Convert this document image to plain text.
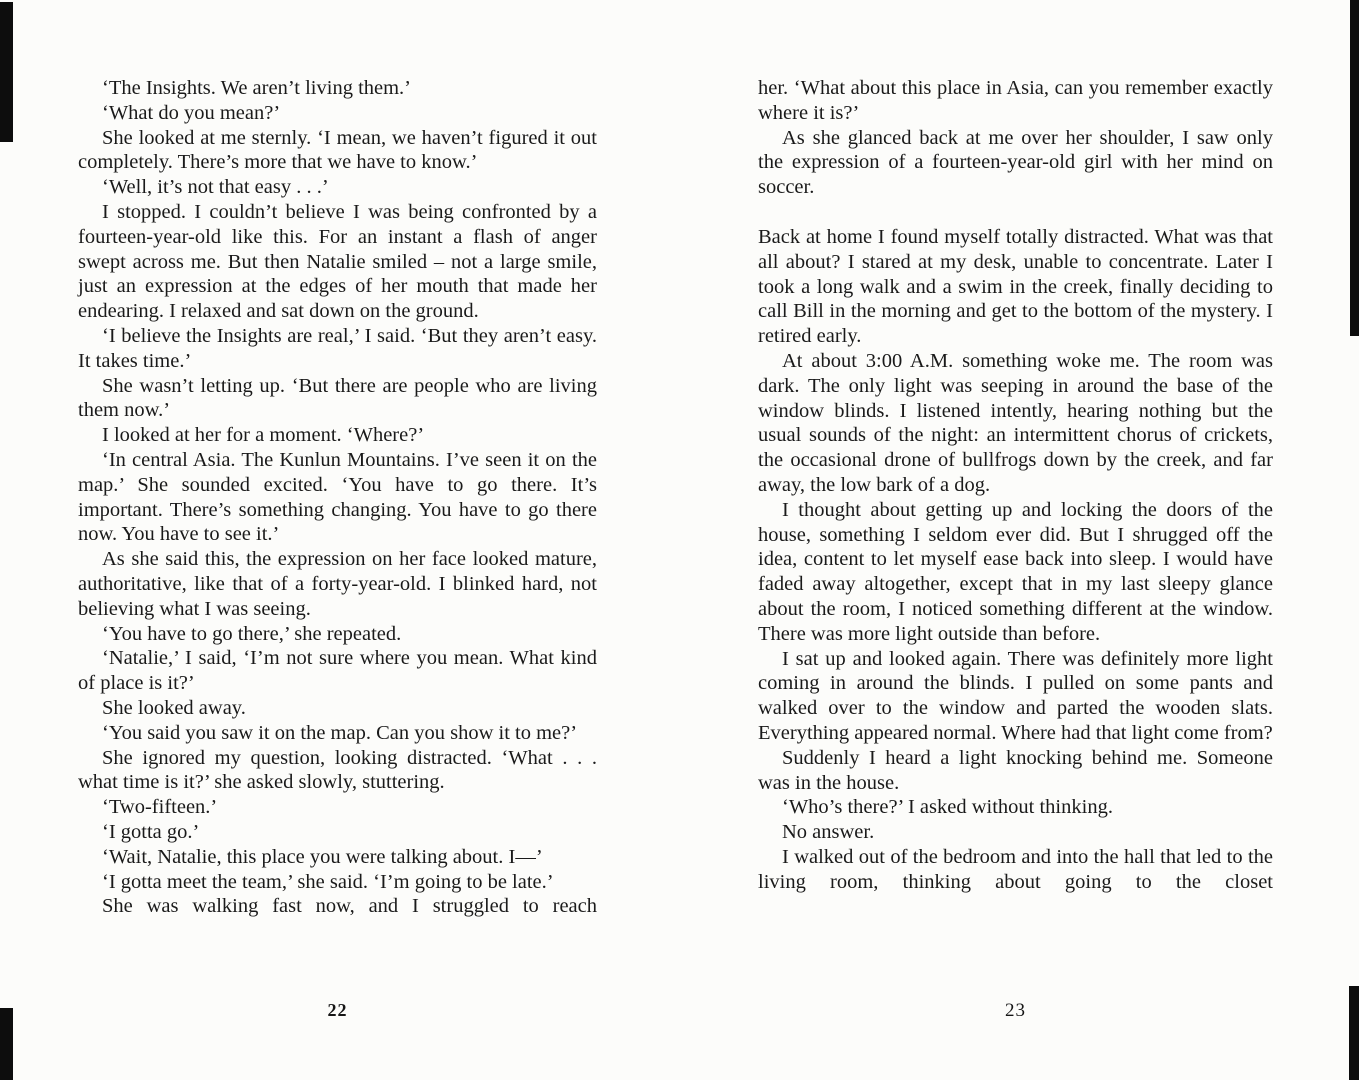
‘The Insights. We aren’t living them.’

‘What do you mean?’

She looked at me sternly. ‘I mean, we haven’t figured it out completely. There’s more that we have to know.’

‘Well, it’s not that easy . . .’

I stopped. I couldn’t believe I was being confronted by a fourteen-year-old like this. For an instant a flash of anger swept across me. But then Natalie smiled – not a large smile, just an expression at the edges of her mouth that made her endearing. I relaxed and sat down on the ground.

‘I believe the Insights are real,’ I said. ‘But they aren’t easy. It takes time.’

She wasn’t letting up. ‘But there are people who are living them now.’

I looked at her for a moment. ‘Where?’

‘In central Asia. The Kunlun Mountains. I’ve seen it on the map.’ She sounded excited. ‘You have to go there. It’s important. There’s something changing. You have to go there now. You have to see it.’

As she said this, the expression on her face looked mature, authoritative, like that of a forty-year-old. I blinked hard, not believing what I was seeing.

‘You have to go there,’ she repeated.

‘Natalie,’ I said, ‘I’m not sure where you mean. What kind of place is it?’

She looked away.

‘You said you saw it on the map. Can you show it to me?’

She ignored my question, looking distracted. ‘What . . . what time is it?’ she asked slowly, stuttering.

‘Two-fifteen.’

‘I gotta go.’

‘Wait, Natalie, this place you were talking about. I—’

‘I gotta meet the team,’ she said. ‘I’m going to be late.’

She was walking fast now, and I struggled to reach

her. ‘What about this place in Asia, can you remember exactly where it is?’

As she glanced back at me over her shoulder, I saw only the expression of a fourteen-year-old girl with her mind on soccer.

Back at home I found myself totally distracted. What was that all about? I stared at my desk, unable to concentrate. Later I took a long walk and a swim in the creek, finally deciding to call Bill in the morning and get to the bottom of the mystery. I retired early.

At about 3:00 A.M. something woke me. The room was dark. The only light was seeping in around the base of the window blinds. I listened intently, hearing nothing but the usual sounds of the night: an intermittent chorus of crickets, the occasional drone of bullfrogs down by the creek, and far away, the low bark of a dog.

I thought about getting up and locking the doors of the house, something I seldom ever did. But I shrugged off the idea, content to let myself ease back into sleep. I would have faded away altogether, except that in my last sleepy glance about the room, I noticed something different at the window. There was more light outside than before.

I sat up and looked again. There was definitely more light coming in around the blinds. I pulled on some pants and walked over to the window and parted the wooden slats. Everything appeared normal. Where had that light come from?

Suddenly I heard a light knocking behind me. Someone was in the house.

‘Who’s there?’ I asked without thinking.

No answer.

I walked out of the bedroom and into the hall that led to the living room, thinking about going to the closet

22	23
